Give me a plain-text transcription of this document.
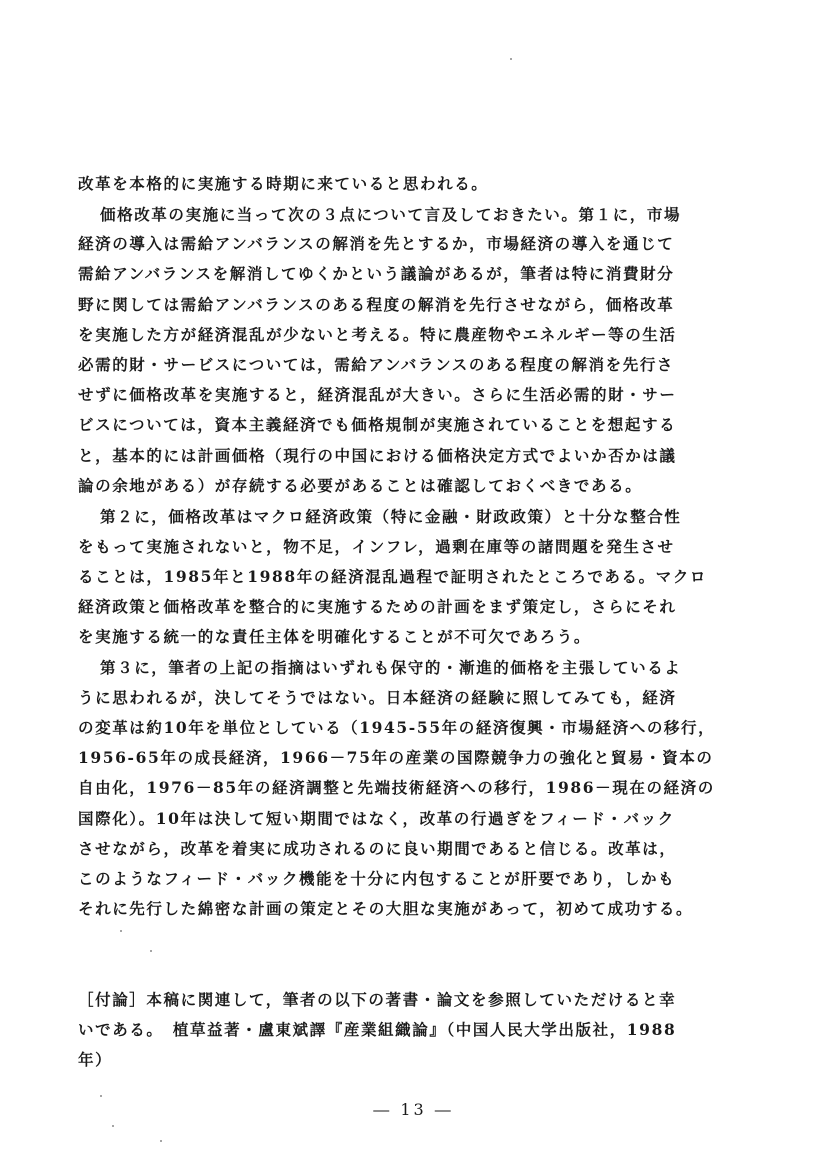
改革を本格的に実施する時期に来ていると思われる。
価格改革の実施に当って次の３点について言及しておきたい。第１に，市場
経済の導入は需給アンバランスの解消を先とするか，市場経済の導入を通じて
需給アンバランスを解消してゆくかという議論があるが，筆者は特に消費財分
野に関しては需給アンバランスのある程度の解消を先行させながら，価格改革
を実施した方が経済混乱が少ないと考える。特に農産物やエネルギー等の生活
必需的財・サービスについては，需給アンバランスのある程度の解消を先行さ
せずに価格改革を実施すると，経済混乱が大きい。さらに生活必需的財・サー
ビスについては，資本主義経済でも価格規制が実施されていることを想起する
と，基本的には計画価格（現行の中国における価格決定方式でよいか否かは議
論の余地がある）が存続する必要があることは確認しておくべきである。
第２に，価格改革はマクロ経済政策（特に金融・財政政策）と十分な整合性
をもって実施されないと，物不足，インフレ，過剰在庫等の諸問題を発生させ
ることは，1985年と1988年の経済混乱過程で証明されたところである。マクロ
経済政策と価格改革を整合的に実施するための計画をまず策定し，さらにそれ
を実施する統一的な責任主体を明確化することが不可欠であろう。
第３に，筆者の上記の指摘はいずれも保守的・漸進的価格を主張しているよ
うに思われるが，決してそうではない。日本経済の経験に照してみても，経済
の変革は約10年を単位としている（1945-55年の経済復興・市場経済への移行，
1956-65年の成長経済，1966－75年の産業の国際競争力の強化と貿易・資本の
自由化，1976－85年の経済調整と先端技術経済への移行，1986－現在の経済の
国際化）。10年は決して短い期間ではなく，改革の行過ぎをフィード・バック
させながら，改革を着実に成功されるのに良い期間であると信じる。改革は，
このようなフィード・バック機能を十分に内包することが肝要であり，しかも
それに先行した綿密な計画の策定とその大胆な実施があって，初めて成功する。
［付論］本稿に関連して，筆者の以下の著書・論文を参照していただけると幸
いである。　植草益著・盧東斌譯『産業組織論』（中国人民大学出版社，1988
年）
― 13 ―
